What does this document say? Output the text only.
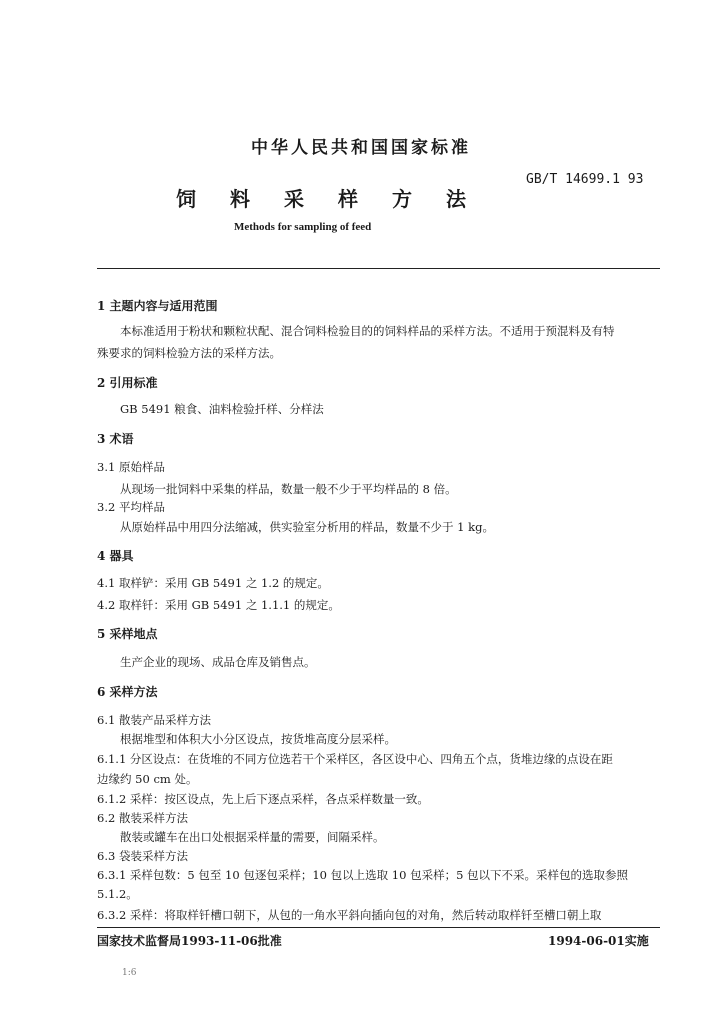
中华人民共和国国家标准
饲 料 采 样 方 法
GB/T 14699.1 93
Methods for sampling of feed
1 主题内容与适用范围
本标准适用于粉状和颗粒状配、混合饲料检验目的的饲料样品的采样方法。不适用于预混料及有特
殊要求的饲料检验方法的采样方法。
2 引用标准
GB 5491 粮食、油料检验扦样、分样法
3 术语
3.1 原始样品
从现场一批饲料中采集的样品，数量一般不少于平均样品的 8 倍。
3.2 平均样品
从原始样品中用四分法缩减，供实验室分析用的样品，数量不少于 1 kg。
4 器具
4.1 取样铲：采用 GB 5491 之 1.2 的规定。
4.2 取样钎：采用 GB 5491 之 1.1.1 的规定。
5 采样地点
生产企业的现场、成品仓库及销售点。
6 采样方法
6.1 散装产品采样方法
根据堆型和体积大小分区设点，按货堆高度分层采样。
6.1.1 分区设点：在货堆的不同方位选若干个采样区，各区设中心、四角五个点，货堆边缘的点设在距
边缘约 50 cm 处。
6.1.2 采样：按区设点，先上后下逐点采样，各点采样数量一致。
6.2 散装采样方法
散装或罐车在出口处根据采样量的需要，间隔采样。
6.3 袋装采样方法
6.3.1 采样包数：5 包至 10 包逐包采样；10 包以上选取 10 包采样；5 包以下不采。采样包的选取参照
5.1.2。
6.3.2 采样：将取样钎槽口朝下，从包的一角水平斜向插向包的对角，然后转动取样钎至槽口朝上取
国家技术监督局1993-11-06批准	1994-06-01实施
1:6
